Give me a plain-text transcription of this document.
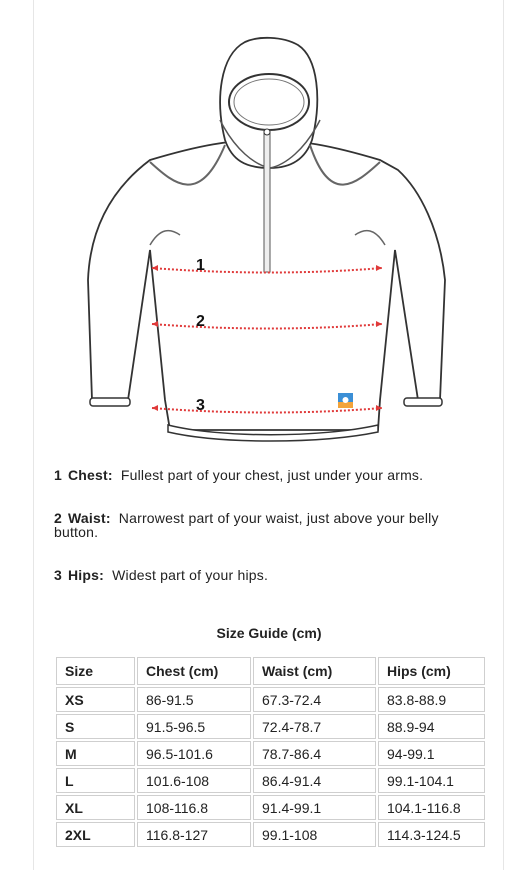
1
2
3
1 Chest: Fullest part of your chest, just under your arms.
2 Waist: Narrowest part of your waist, just above your belly button.
3 Hips: Widest part of your hips.
Size Guide (cm)
Size	Chest (cm)	Waist (cm)	Hips (cm)
XS	86-91.5	67.3-72.4	83.8-88.9
S	91.5-96.5	72.4-78.7	88.9-94
M	96.5-101.6	78.7-86.4	94-99.1
L	101.6-108	86.4-91.4	99.1-104.1
XL	108-116.8	91.4-99.1	104.1-116.8
2XL	116.8-127	99.1-108	114.3-124.5
